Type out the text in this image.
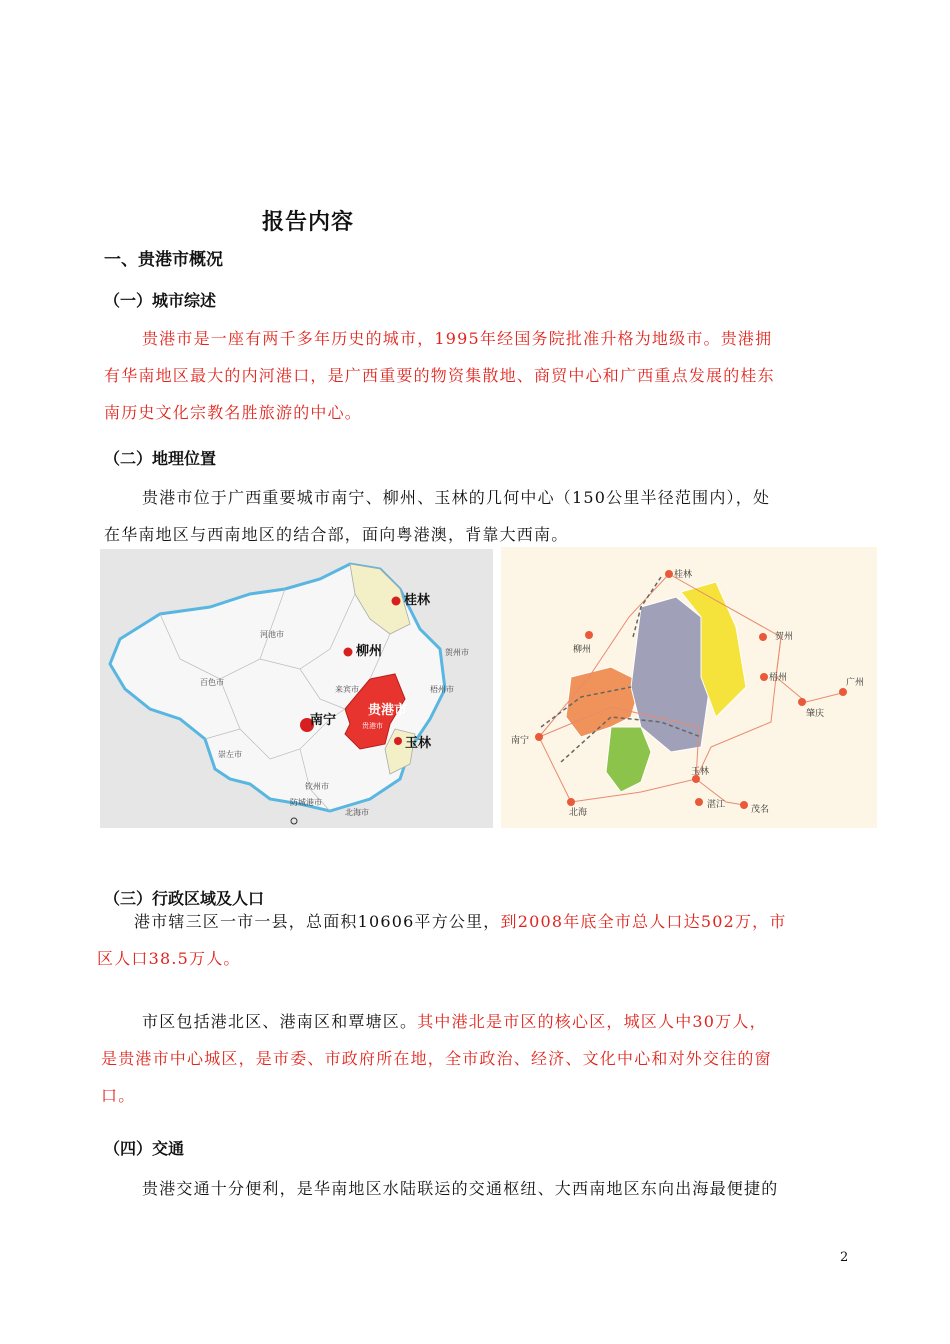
报告内容
一、贵港市概况
（一）城市综述
贵港市是一座有两千多年历史的城市，1995年经国务院批准升格为地级市。贵港拥
有华南地区最大的内河港口，是广西重要的物资集散地、商贸中心和广西重点发展的桂东
南历史文化宗教名胜旅游的中心。
（二）地理位置
贵港市位于广西重要城市南宁、柳州、玉林的几何中心（150公里半径范围内），处
在华南地区与西南地区的结合部，面向粤港澳，背靠大西南。
桂林
柳州
南宁
贵港市
玉林
河池市
百色市
钦州市
北海市
防城港市
来宾市	梧州市
贺州市
崇左市
贵港市
桂林
柳州
贺州
梧州	广州
肇庆
南宁
玉林
湛江	茂名
北海
（三）行政区域及人口
港市辖三区一市一县，总面积10606平方公里，到2008年底全市总人口达502万，市
区人口38.5万人。
市区包括港北区、港南区和覃塘区。其中港北是市区的核心区，城区人中30万人，
是贵港市中心城区，是市委、市政府所在地，全市政治、经济、文化中心和对外交往的窗
口。
（四）交通
贵港交通十分便利，是华南地区水陆联运的交通枢纽、大西南地区东向出海最便捷的
2
